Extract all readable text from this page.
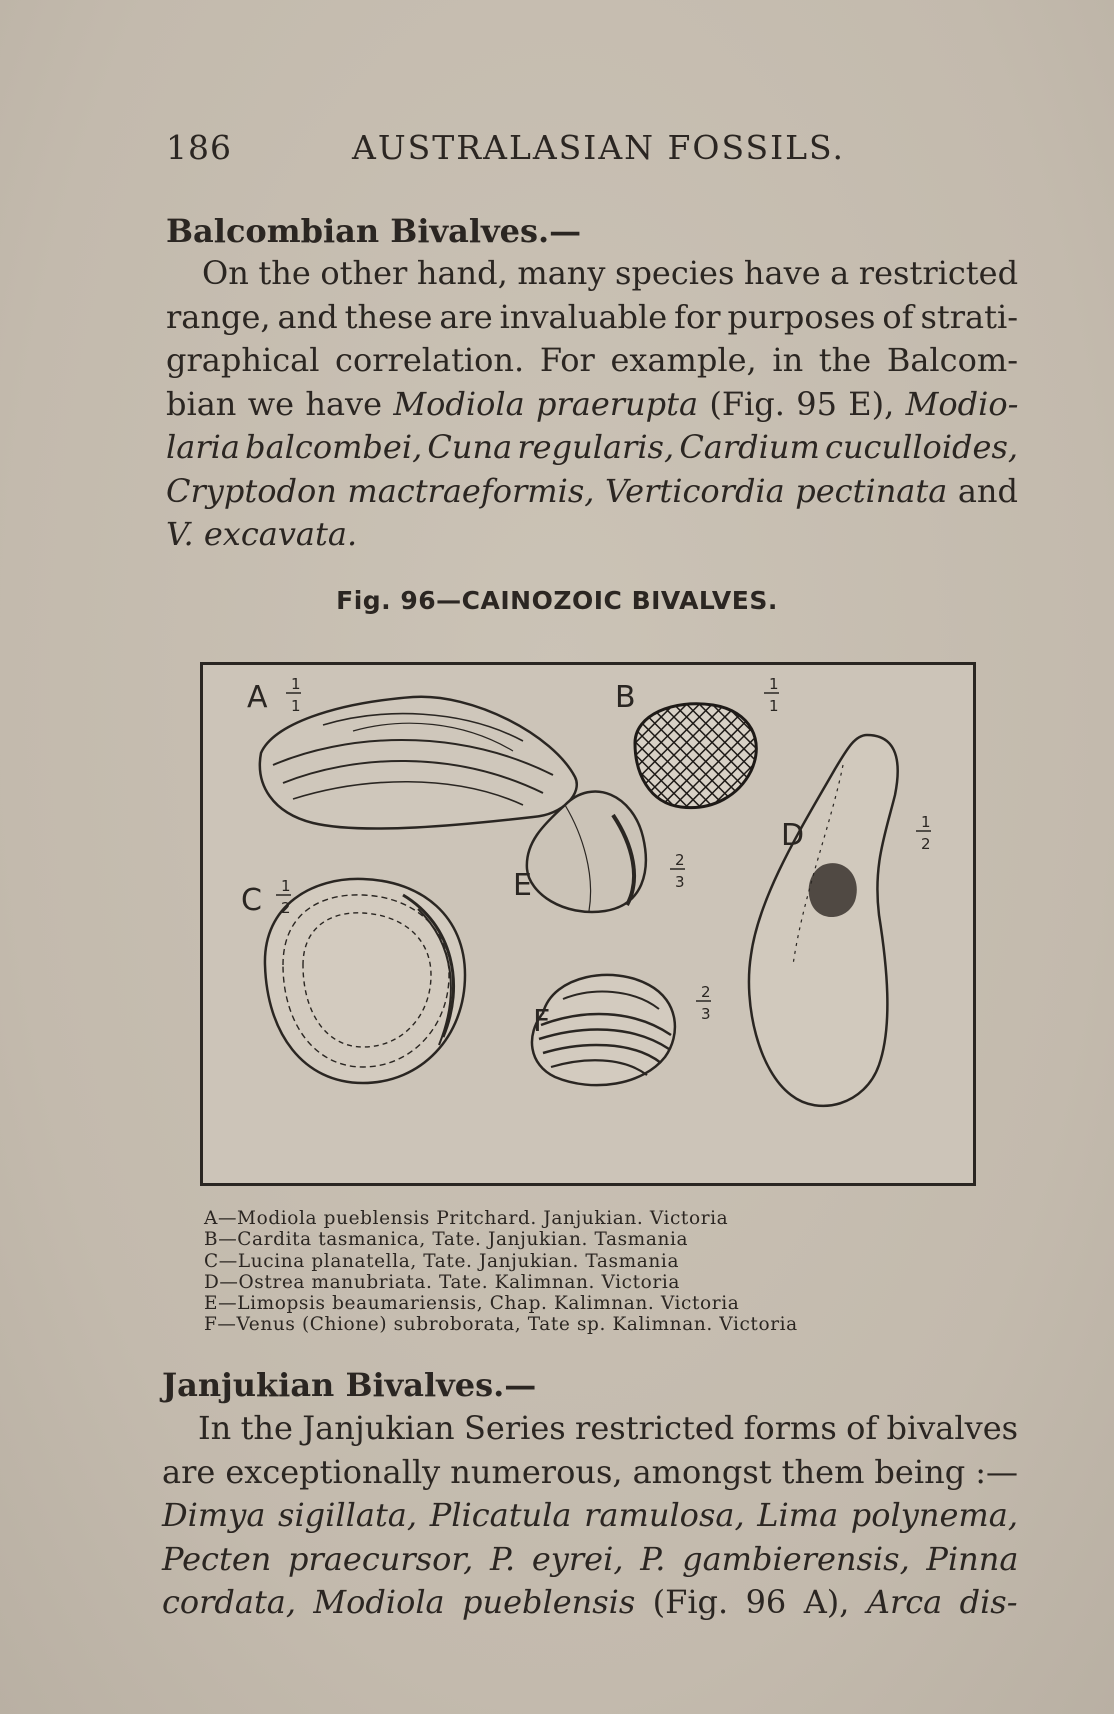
186	AUSTRALASIAN FOSSILS.
Balcombian Bivalves.—
On the other hand, many species have a restricted
range, and these are invaluable for purposes of strati-
graphical correlation. For example, in the Balcom-
bian we have Modiola praerupta (Fig. 95 E), Modio-
laria balcombei, Cuna regularis, Cardium cuculloides,
Cryptodon mactraeformis, Verticordia pectinata and
V. excavata.
Fig. 96—CAINOZOIC BIVALVES.
A 1
1	B	1
1
C 1
2
D	1
2
E
2
3
F
2
3
A—Modiola pueblensis Pritchard. Janjukian. Victoria
B—Cardita tasmanica, Tate. Janjukian. Tasmania
C—Lucina planatella, Tate. Janjukian. Tasmania
D—Ostrea manubriata. Tate. Kalimnan. Victoria
E—Limopsis beaumariensis, Chap. Kalimnan. Victoria
F—Venus (Chione) subroborata, Tate sp. Kalimnan. Victoria
Janjukian Bivalves.—
In the Janjukian Series restricted forms of bivalves
are exceptionally numerous, amongst them being :—
Dimya sigillata, Plicatula ramulosa, Lima polynema,
Pecten praecursor, P. eyrei, P. gambierensis, Pinna
cordata, Modiola pueblensis (Fig. 96 A), Arca dis-
